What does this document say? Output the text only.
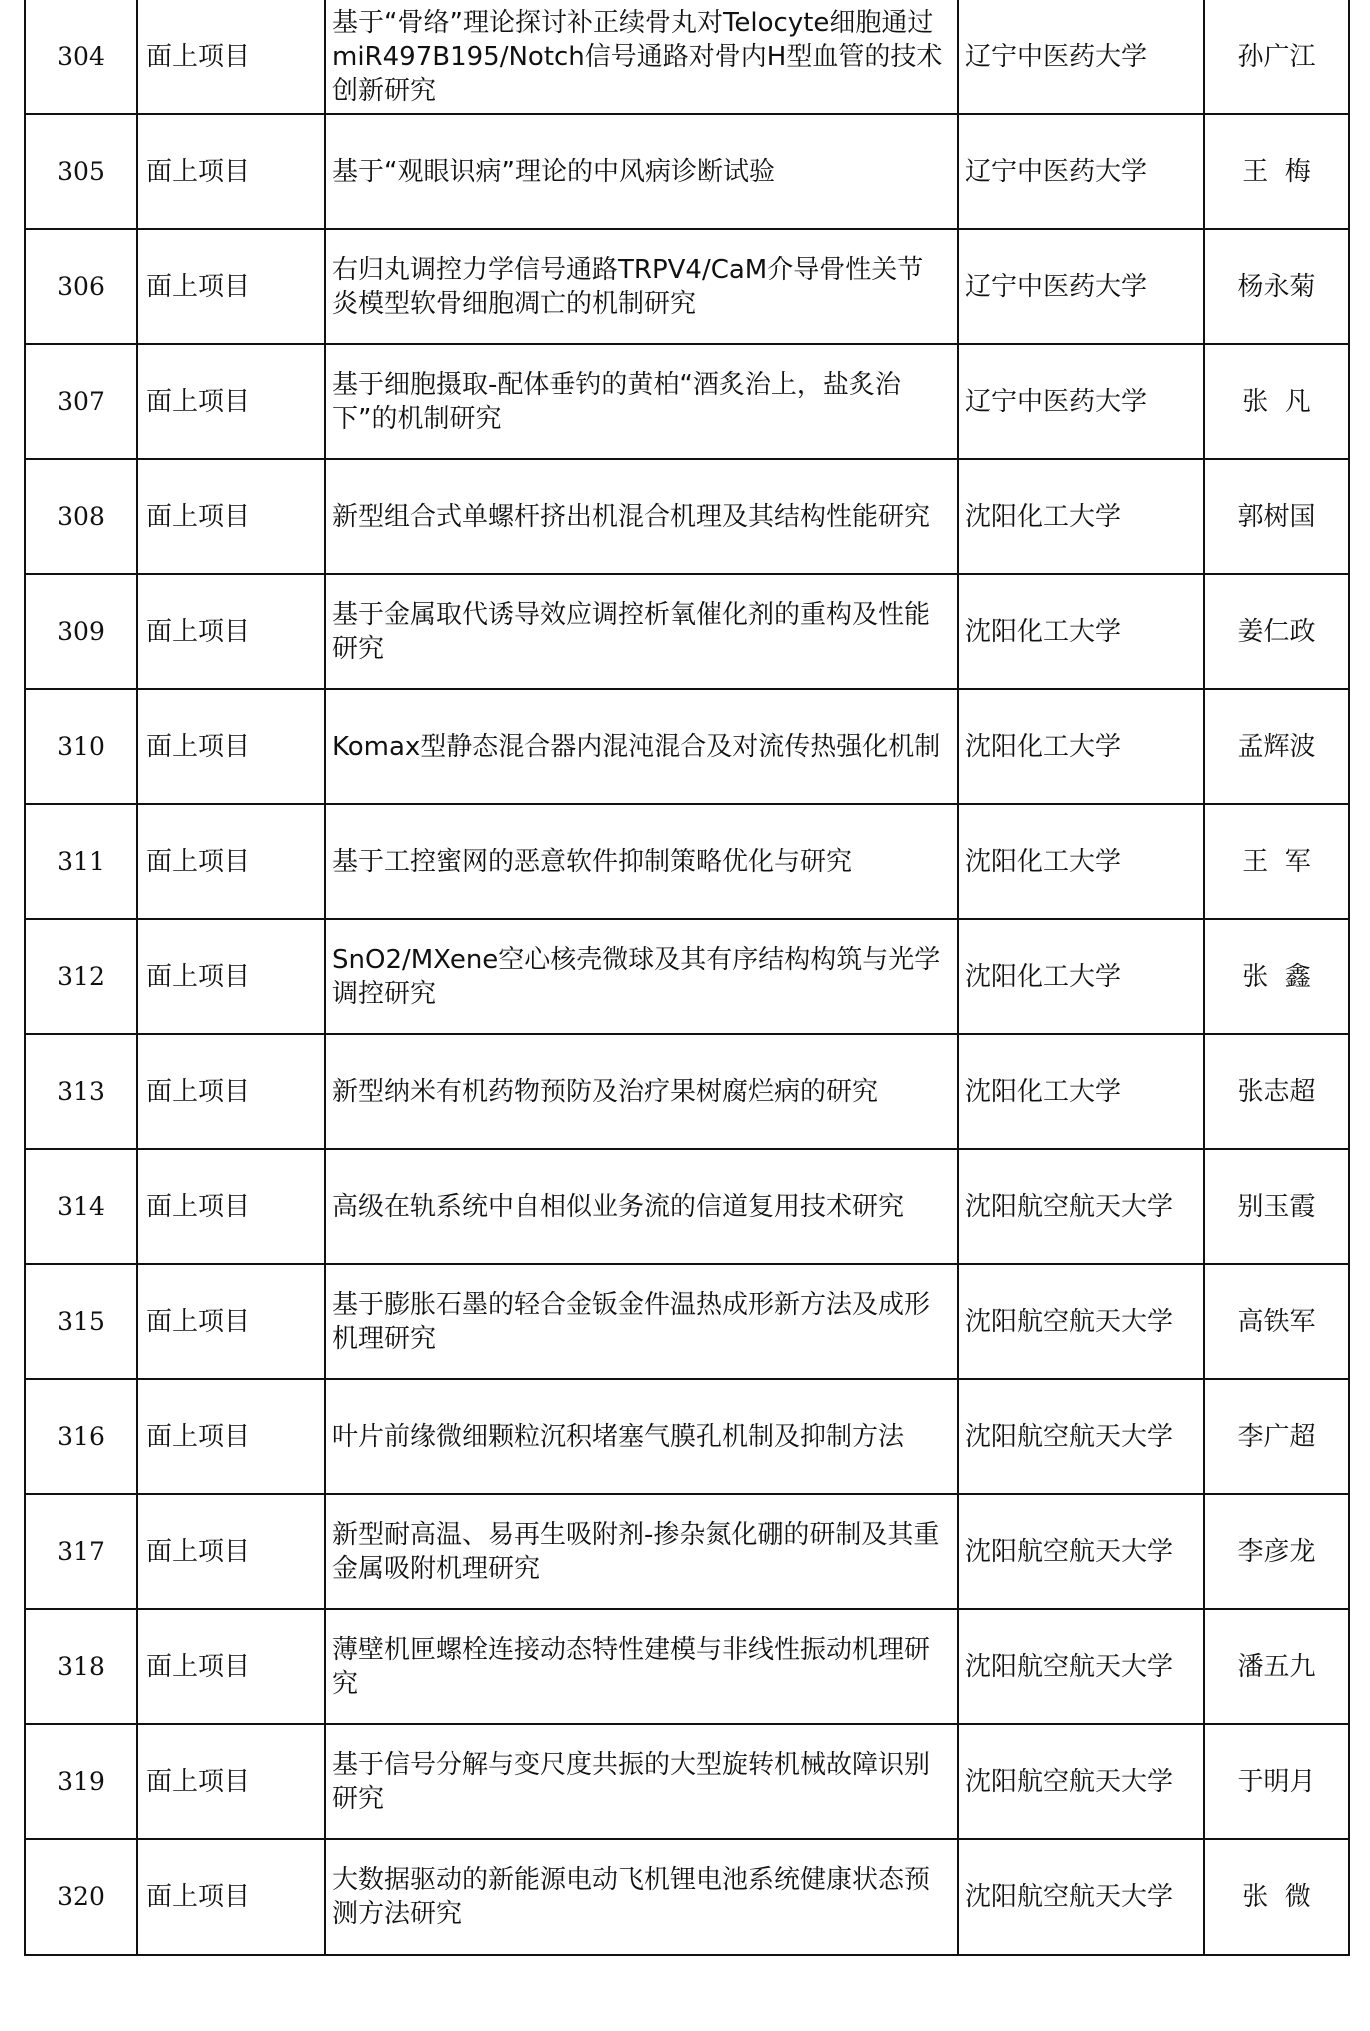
304	面上项目	基于“骨络”理论探讨补正续骨丸对Telocyte细胞通过miR497B195/Notch信号通路对骨内H型血管的技术创新研究	辽宁中医药大学	孙广江
305	面上项目	基于“观眼识病”理论的中风病诊断试验	辽宁中医药大学	王  梅
306	面上项目	右归丸调控力学信号通路TRPV4/CaM介导骨性关节炎模型软骨细胞凋亡的机制研究	辽宁中医药大学	杨永菊
307	面上项目	基于细胞摄取-配体垂钓的黄柏“酒炙治上，盐炙治下”的机制研究	辽宁中医药大学	张  凡
308	面上项目	新型组合式单螺杆挤出机混合机理及其结构性能研究	沈阳化工大学	郭树国
309	面上项目	基于金属取代诱导效应调控析氧催化剂的重构及性能研究	沈阳化工大学	姜仁政
310	面上项目	Komax型静态混合器内混沌混合及对流传热强化机制	沈阳化工大学	孟辉波
311	面上项目	基于工控蜜网的恶意软件抑制策略优化与研究	沈阳化工大学	王  军
312	面上项目	SnO2/MXene空心核壳微球及其有序结构构筑与光学调控研究	沈阳化工大学	张  鑫
313	面上项目	新型纳米有机药物预防及治疗果树腐烂病的研究	沈阳化工大学	张志超
314	面上项目	高级在轨系统中自相似业务流的信道复用技术研究	沈阳航空航天大学	别玉霞
315	面上项目	基于膨胀石墨的轻合金钣金件温热成形新方法及成形机理研究	沈阳航空航天大学	高铁军
316	面上项目	叶片前缘微细颗粒沉积堵塞气膜孔机制及抑制方法	沈阳航空航天大学	李广超
317	面上项目	新型耐高温、易再生吸附剂-掺杂氮化硼的研制及其重金属吸附机理研究	沈阳航空航天大学	李彦龙
318	面上项目	薄壁机匣螺栓连接动态特性建模与非线性振动机理研究	沈阳航空航天大学	潘五九
319	面上项目	基于信号分解与变尺度共振的大型旋转机械故障识别研究	沈阳航空航天大学	于明月
320	面上项目	大数据驱动的新能源电动飞机锂电池系统健康状态预测方法研究	沈阳航空航天大学	张  微
